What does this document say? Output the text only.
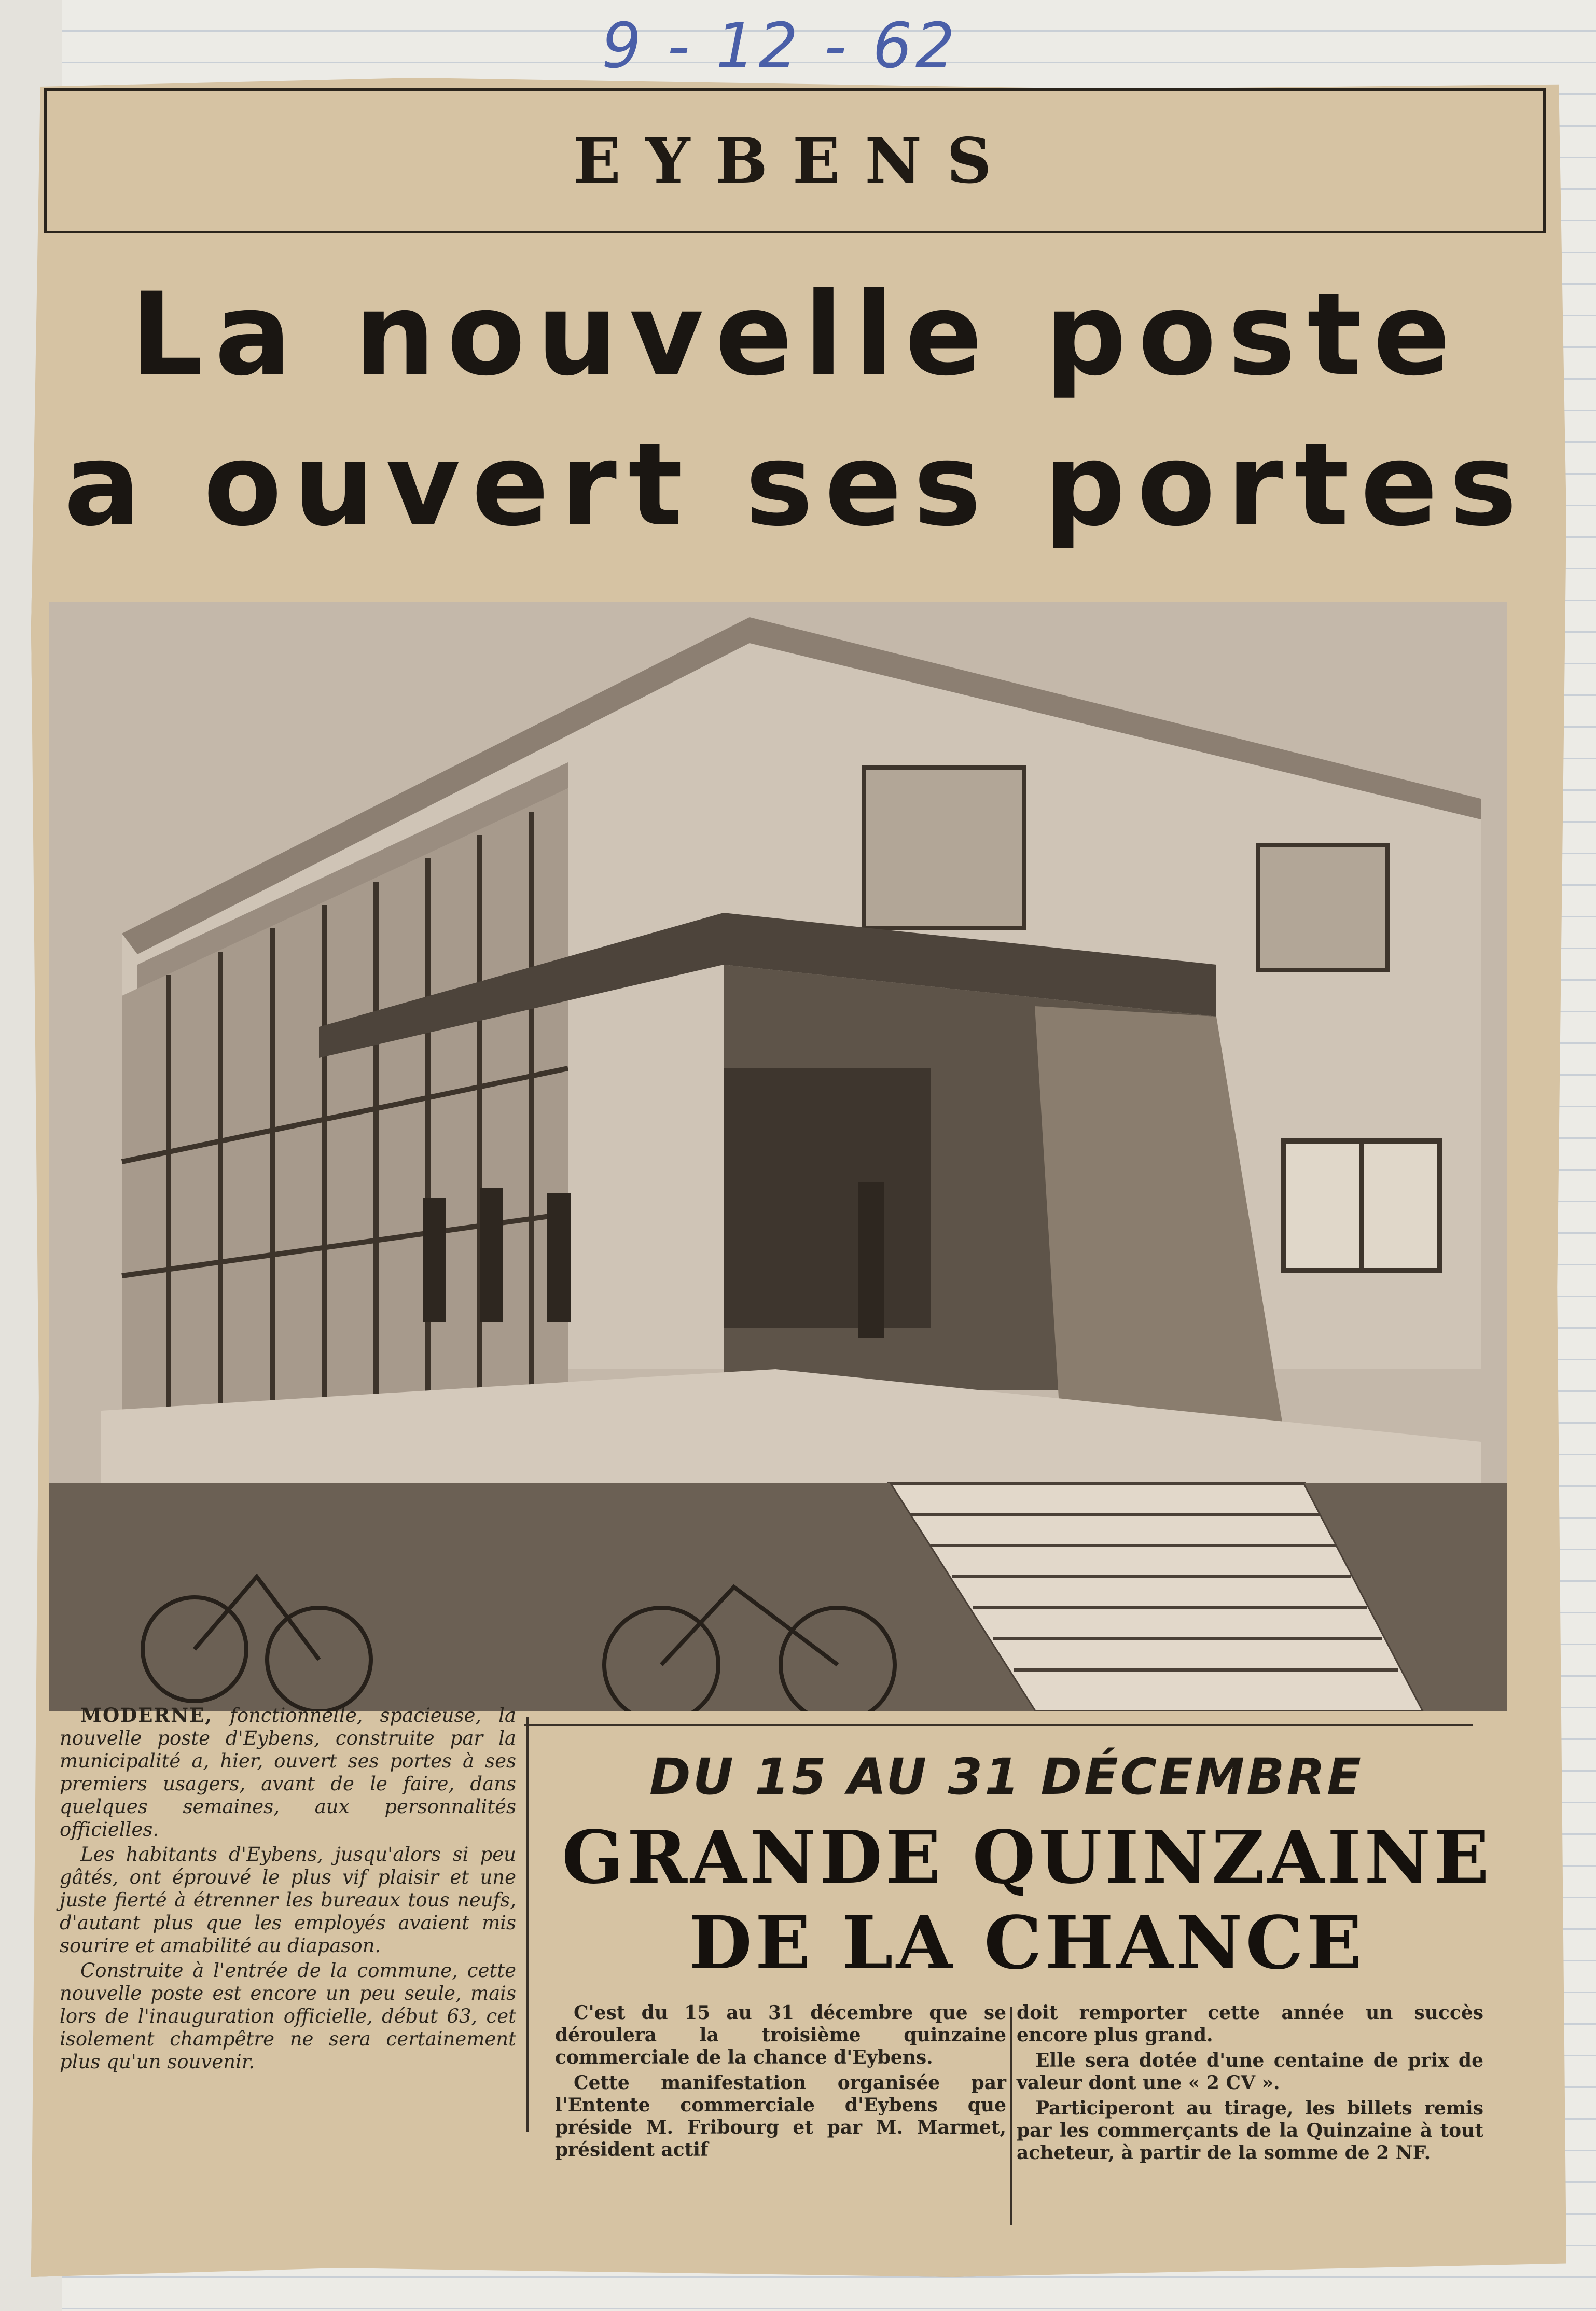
9 - 12 - 62
EYBENS
La nouvelle poste
a ouvert ses portes

MODERNE, fonctionnelle, spacieuse, la nouvelle poste d'Eybens, construite par la municipalité a, hier, ouvert ses portes à ses premiers usagers, avant de le faire, dans quelques semaines, aux personnalités officielles.

Les habitants d'Eybens, jusqu'alors si peu gâtés, ont éprouvé le plus vif plaisir et une juste fierté à étrenner les bureaux tous neufs, d'autant plus que les employés avaient mis sourire et amabilité au diapason.

Construite à l'entrée de la commune, cette nouvelle poste est encore un peu seule, mais lors de l'inauguration officielle, début 63, cet isolement champêtre ne sera certainement plus qu'un souvenir.

DU 15 AU 31 DÉCEMBRE
GRANDE QUINZAINE
DE LA CHANCE

C'est du 15 au 31 décembre que se déroulera la troisième quinzaine commerciale de la chance d'Eybens.

Cette manifestation organisée par l'Entente commerciale d'Eybens que préside M. Fribourg et par M. Marmet, président actif

doit remporter cette année un succès encore plus grand.

Elle sera dotée d'une centaine de prix de valeur dont une « 2 CV ».

Participeront au tirage, les billets remis par les commerçants de la Quinzaine à tout acheteur, à partir de la somme de 2 NF.
